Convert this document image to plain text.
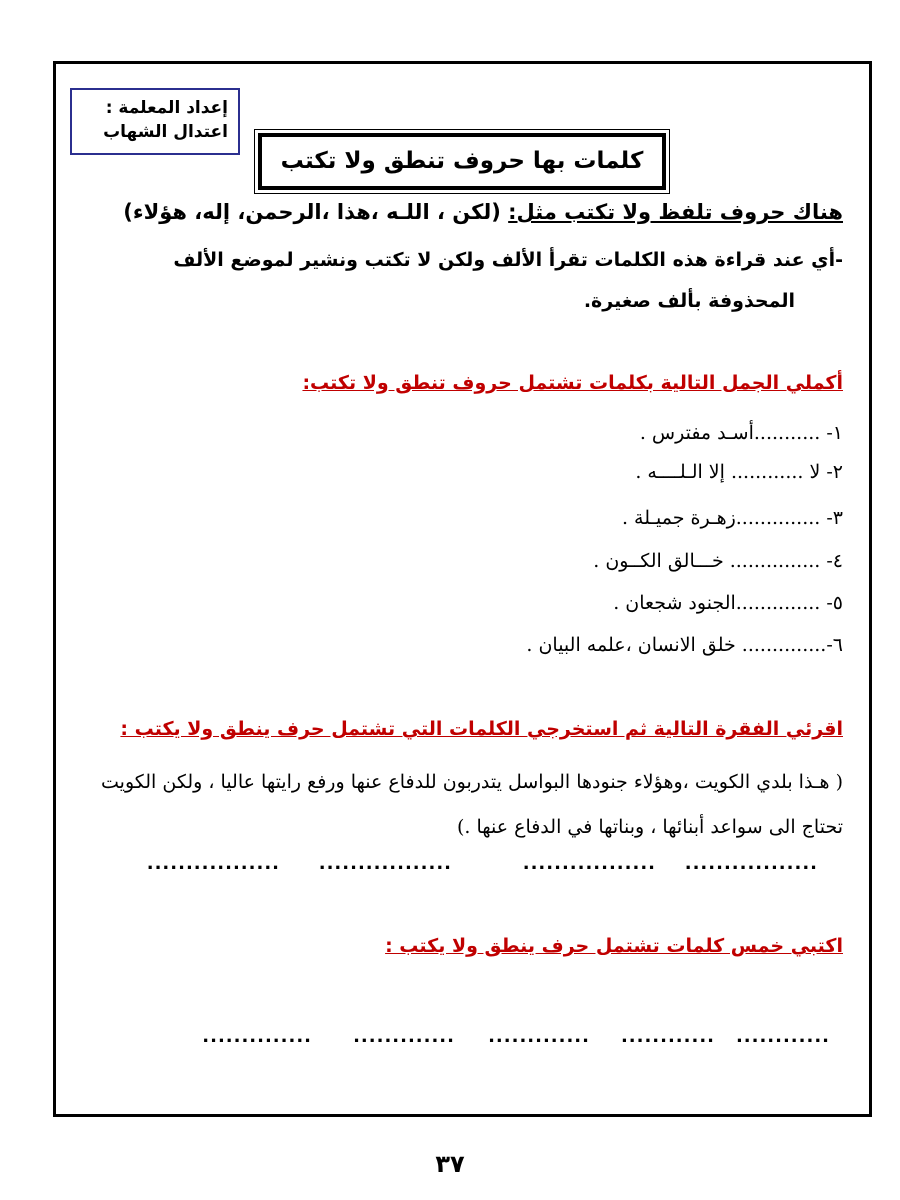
إعداد المعلمة :
اعتدال الشهاب
كلمات بها حروف تنطق ولا تكتب
هناك حروف تلفظ ولا تكتب مثل: (لكن ، اللـه ،هذا ،الرحمن، إله، هؤلاء)
-أي عند قراءة هذه الكلمات تقرأ الألف ولكن لا تكتب ونشير لموضع الألف
المحذوفة بألف صغيرة.
أكملي الجمل التالية بكلمات تشتمل حروف تنطق ولا تكتب:
١- ...........أسـد مفترس .
٢- لا ............ إلا الـلــــه .
٣- ..............زهـرة جميـلة .
٤- ............... خـــالق الكــون .
٥- ..............الجنود شجعان .
٦-.............. خلق الانسان ،علمه البيان .
اقرئي الفقرة التالية ثم استخرجي الكلمات التي تشتمل حرف ينطق ولا يكتب :
( هـذا بلدي الكويت ،وهؤلاء جنودها البواسل يتدربون للدفاع عنها ورفع رايتها عاليا ، ولكن الكويت تحتاج الى سواعد أبنائها ، وبناتها في الدفاع عنها .)
.................
.................
.................
.................
اكتبي خمس كلمات تشتمل حرف ينطق ولا يكتب :
............
............
.............
.............
..............
٣٧
